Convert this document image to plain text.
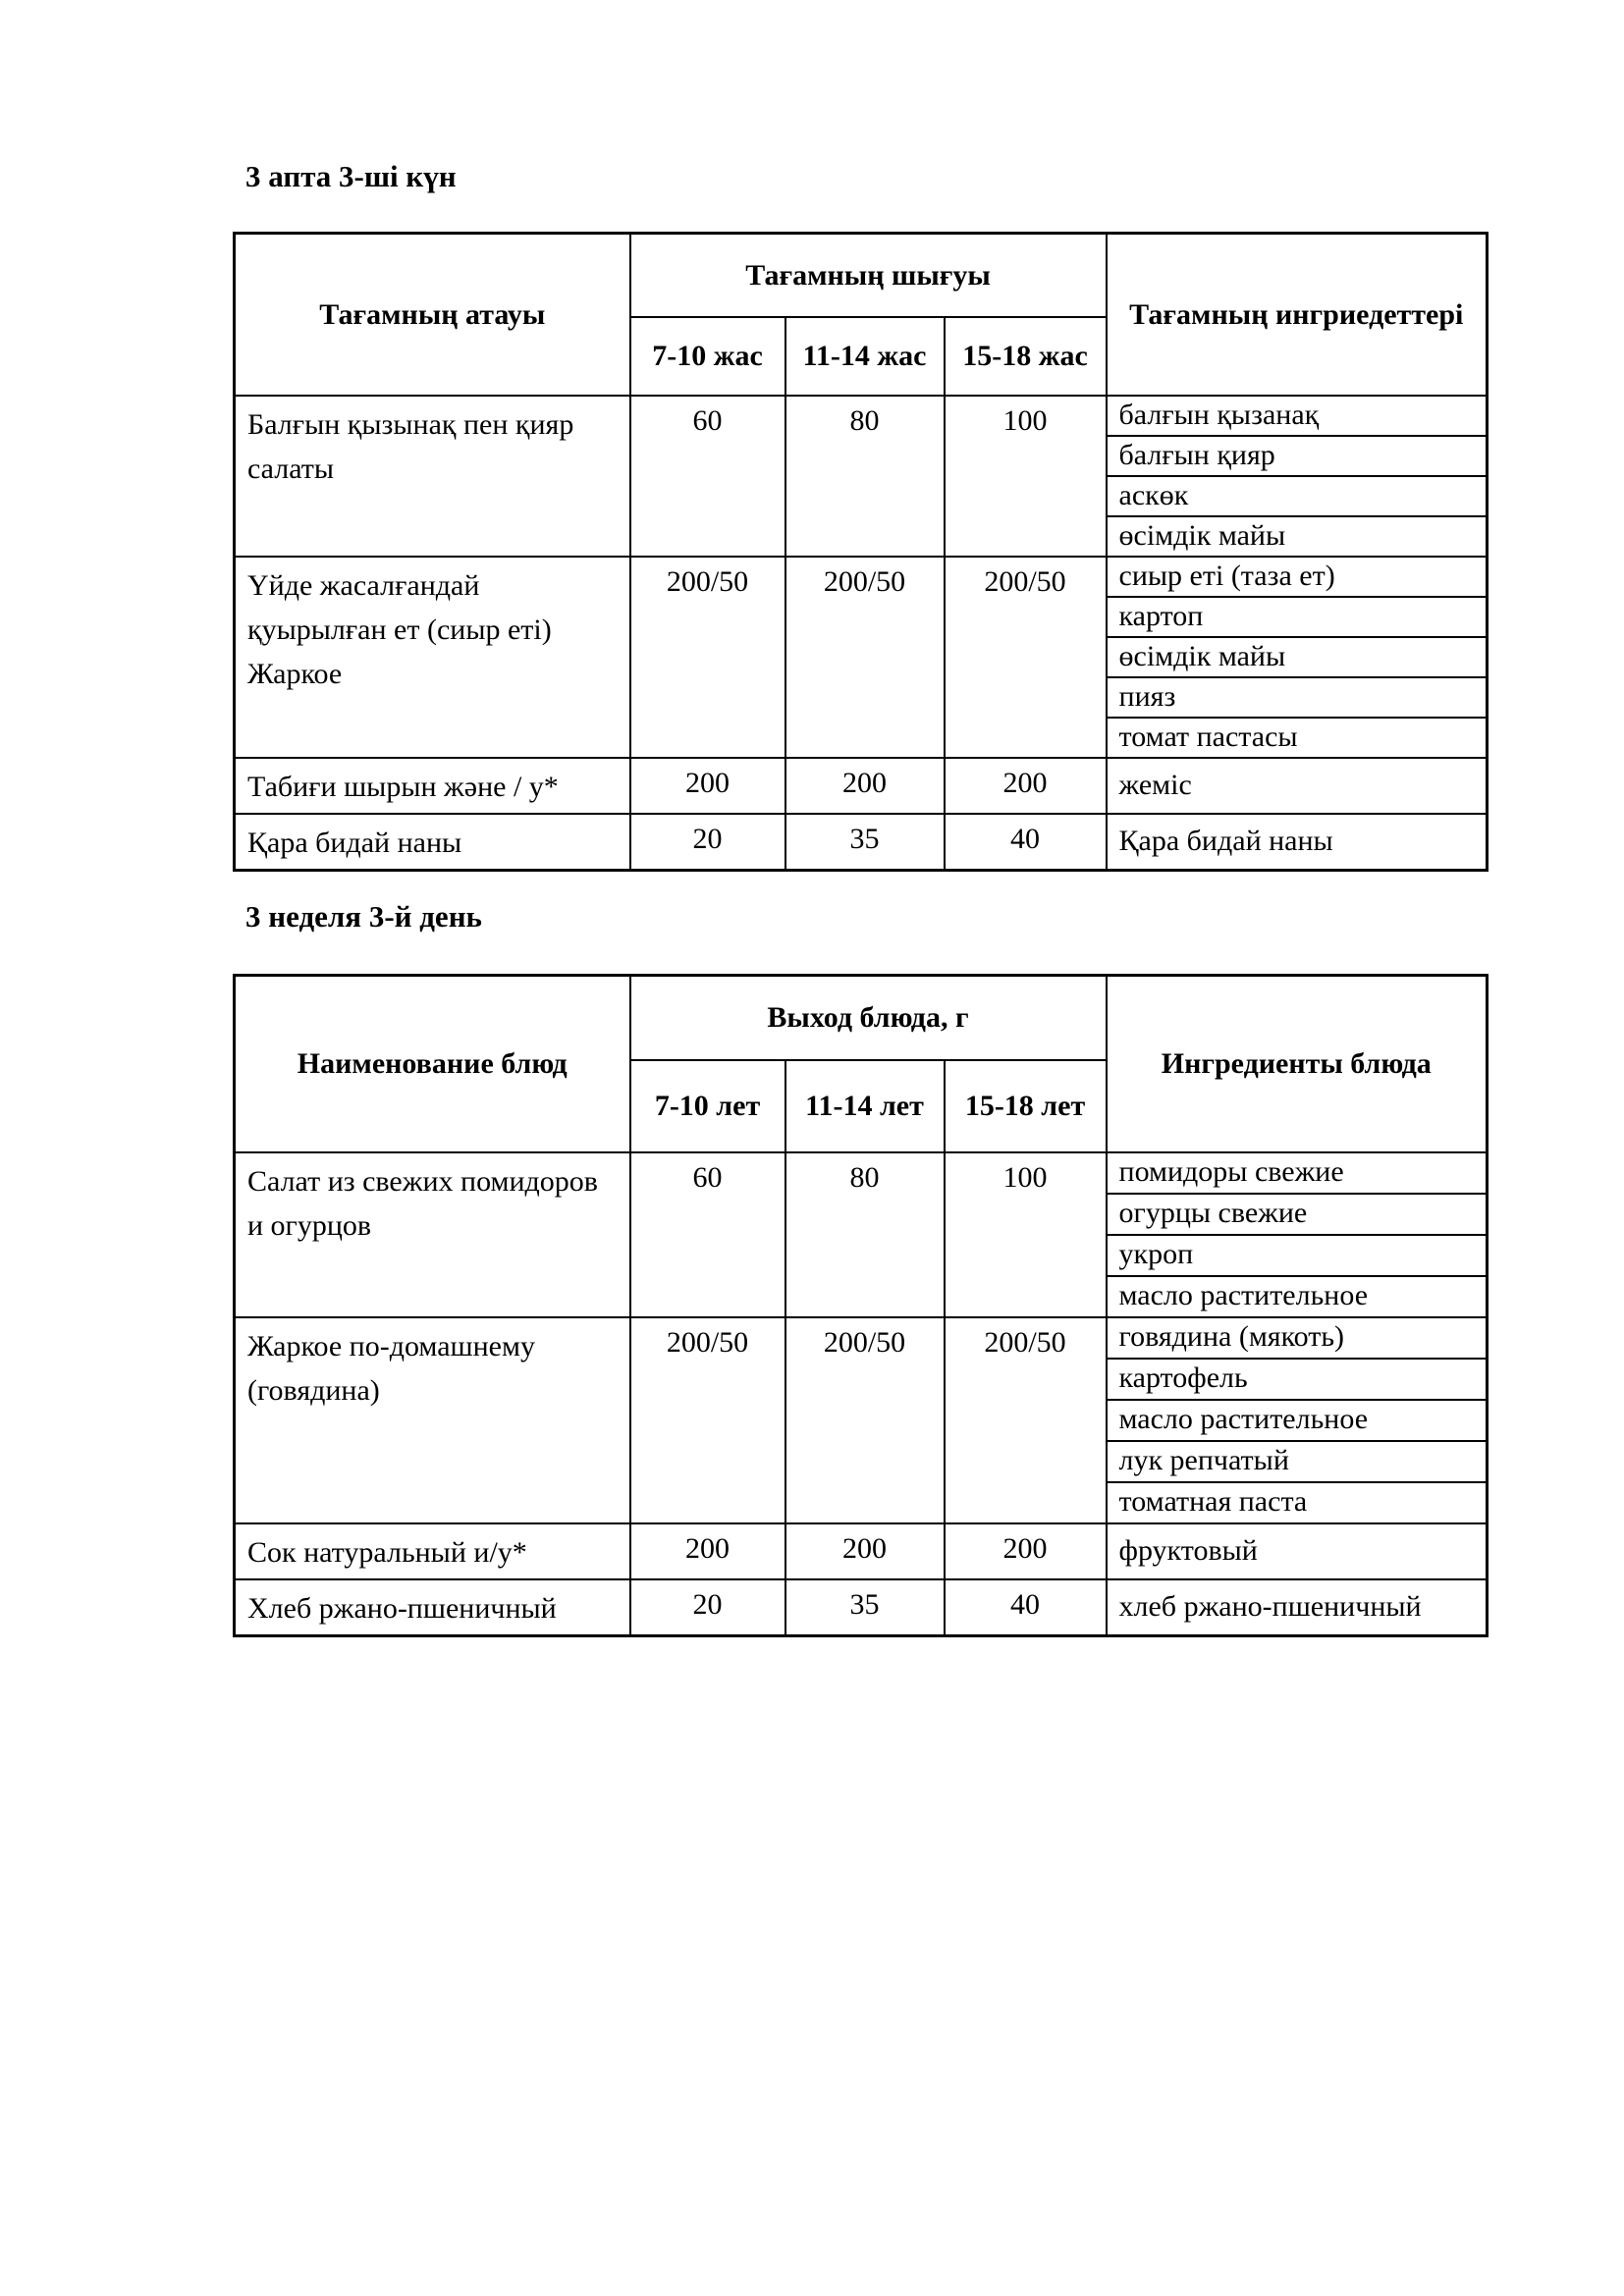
3 апта 3-ші күн

Тағамның атауы	Тағамның шығуы			Тағамның ингриедеттері
	7-10 жас	11-14 жас	15-18 жас	
Балғын қызынақ пен қияр салаты	60	80	100	балғын қызанақ
				балғын қияр
				аскөк
				өсімдік майы
Үйде жасалғандай қуырылған ет (сиыр еті) Жаркое	200/50	200/50	200/50	сиыр еті (таза ет)
				картоп
				өсімдік майы
				пияз
				томат пастасы
Табиғи шырын және / у*	200	200	200	жеміс
Қара бидай наны	20	35	40	Қара бидай наны

3 неделя 3-й день

Наименование блюд	Выход блюда, г			Ингредиенты блюда
	7-10 лет	11-14 лет	15-18 лет	
Салат из свежих помидоров и огурцов	60	80	100	помидоры свежие
				огурцы свежие
				укроп
				масло растительное
Жаркое по-домашнему (говядина)	200/50	200/50	200/50	говядина (мякоть)
				картофель
				масло растительное
				лук репчатый
				томатная паста
Сок натуральный и/у*	200	200	200	фруктовый
Хлеб ржано-пшеничный	20	35	40	хлеб ржано-пшеничный
